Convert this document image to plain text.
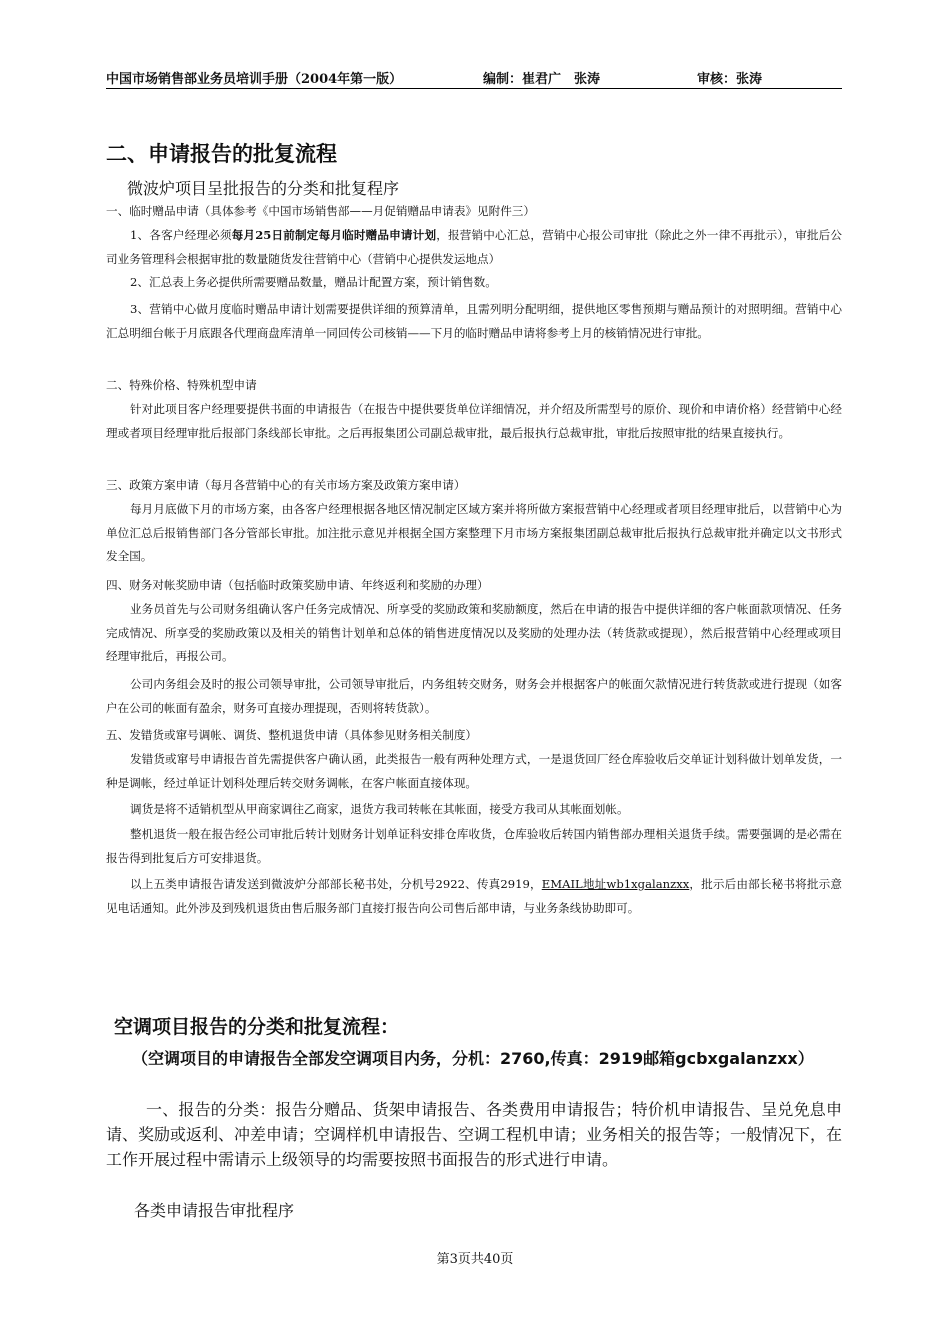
中国市场销售部业务员培训手册（2004年第一版）	编制：崔君广　张涛	审核：张涛
二、申请报告的批复流程
微波炉项目呈批报告的分类和批复程序
一、临时赠品申请（具体参考《中国市场销售部——月促销赠品申请表》见附件三）
1、各客户经理必须每月25日前制定每月临时赠品申请计划，报营销中心汇总，营销中心报公司审批（除此之外一律不再批示），审批后公司业务管理科会根据审批的数量随货发往营销中心（营销中心提供发运地点）
2、汇总表上务必提供所需要赠品数量，赠品计配置方案，预计销售数。
3、营销中心做月度临时赠品申请计划需要提供详细的预算清单，且需列明分配明细，提供地区零售预期与赠品预计的对照明细。营销中心汇总明细台帐于月底跟各代理商盘库清单一同回传公司核销——下月的临时赠品申请将参考上月的核销情况进行审批。
二、特殊价格、特殊机型申请
针对此项目客户经理要提供书面的申请报告（在报告中提供要货单位详细情况，并介绍及所需型号的原价、现价和申请价格）经营销中心经理或者项目经理审批后报部门条线部长审批。之后再报集团公司副总裁审批，最后报执行总裁审批，审批后按照审批的结果直接执行。
三、政策方案申请（每月各营销中心的有关市场方案及政策方案申请）
每月月底做下月的市场方案，由各客户经理根据各地区情况制定区域方案并将所做方案报营销中心经理或者项目经理审批后，以营销中心为单位汇总后报销售部门各分管部长审批。加注批示意见并根据全国方案整理下月市场方案报集团副总裁审批后报执行总裁审批并确定以文书形式发全国。
四、财务对帐奖励申请（包括临时政策奖励申请、年终返利和奖励的办理）
业务员首先与公司财务组确认客户任务完成情况、所享受的奖励政策和奖励额度，然后在申请的报告中提供详细的客户帐面款项情况、任务完成情况、所享受的奖励政策以及相关的销售计划单和总体的销售进度情况以及奖励的处理办法（转货款或提现），然后报营销中心经理或项目经理审批后，再报公司。
公司内务组会及时的报公司领导审批，公司领导审批后，内务组转交财务，财务会并根据客户的帐面欠款情况进行转货款或进行提现（如客户在公司的帐面有盈余，财务可直接办理提现，否则将转货款）。
五、发错货或窜号调帐、调货、整机退货申请（具体参见财务相关制度）
发错货或窜号申请报告首先需提供客户确认函，此类报告一般有两种处理方式，一是退货回厂经仓库验收后交单证计划科做计划单发货，一种是调帐，经过单证计划科处理后转交财务调帐，在客户帐面直接体现。
调货是将不适销机型从甲商家调往乙商家，退货方我司转帐在其帐面，接受方我司从其帐面划帐。
整机退货一般在报告经公司审批后转计划财务计划单证科安排仓库收货，仓库验收后转国内销售部办理相关退货手续。需要强调的是必需在报告得到批复后方可安排退货。
以上五类申请报告请发送到微波炉分部部长秘书处，分机号2922、传真2919，EMAIL地址wb1xgalanzxx，批示后由部长秘书将批示意见电话通知。此外涉及到残机退货由售后服务部门直接打报告向公司售后部申请，与业务条线协助即可。
空调项目报告的分类和批复流程：
（空调项目的申请报告全部发空调项目内务，分机：2760,传真：2919邮箱gcbxgalanzxx）
一、报告的分类：报告分赠品、货架申请报告、各类费用申请报告；特价机申请报告、呈兑免息申请、奖励或返利、冲差申请；空调样机申请报告、空调工程机申请；业务相关的报告等；一般情况下，在工作开展过程中需请示上级领导的均需要按照书面报告的形式进行申请。
各类申请报告审批程序
第3页共40页
